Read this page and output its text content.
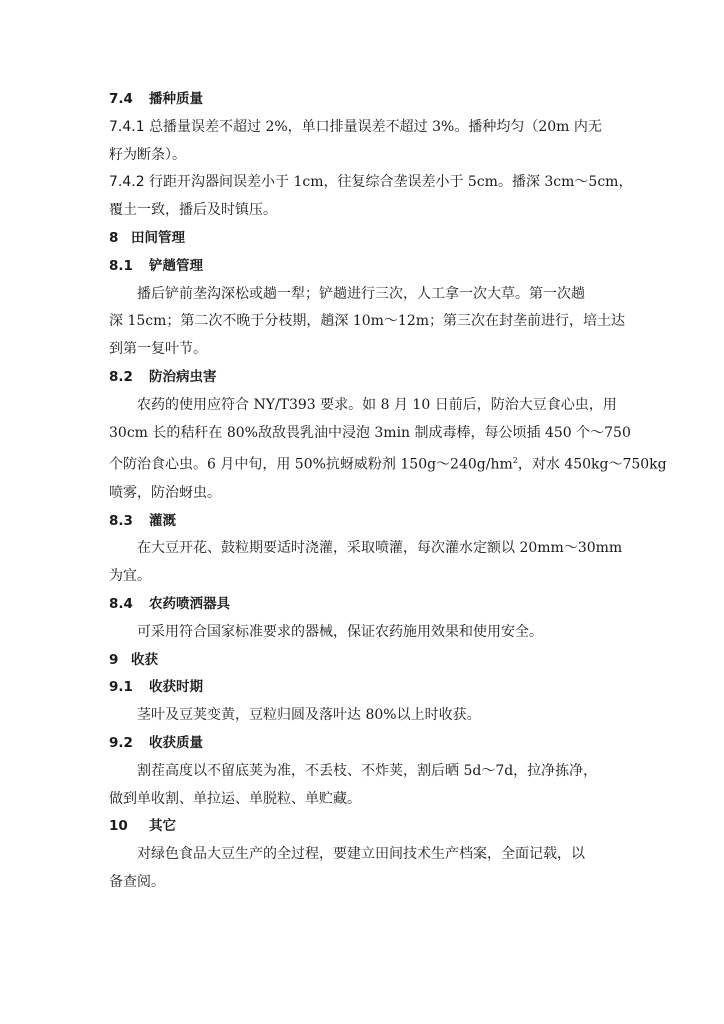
7.4 播种质量
7.4.1 总播量误差不超过 2%，单口排量误差不超过 3%。播种均匀（20m 内无
籽为断条）。
7.4.2 行距开沟器间误差小于 1cm，往复综合垄误差小于 5cm。播深 3cm～5cm，
覆土一致，播后及时镇压。
8 田间管理
8.1 铲趟管理
播后铲前垄沟深松或趟一犁；铲趟进行三次，人工拿一次大草。第一次趟
深 15cm；第二次不晚于分枝期，趟深 10m～12m；第三次在封垄前进行，培土达
到第一复叶节。
8.2 防治病虫害
农药的使用应符合 NY/T393 要求。如 8 月 10 日前后，防治大豆食心虫，用
30cm 长的秸秆在 80%敌敌畏乳油中浸泡 3min 制成毒棒，每公顷插 450 个～750
个防治食心虫。6 月中旬，用 50%抗蚜威粉剂 $150g\sim 240g/hm^2$，对水 450kg～750kg
喷雾，防治蚜虫。
8.3 灌溉
在大豆开花、鼓粒期要适时浇灌，采取喷灌，每次灌水定额以 20mm～30mm
为宜。
8.4 农药喷洒器具
可采用符合国家标准要求的器械，保证农药施用效果和使用安全。
9 收获
9.1 收获时期
茎叶及豆荚变黄，豆粒归圆及落叶达 80%以上时收获。
9.2 收获质量
割茬高度以不留底荚为准，不丢枝、不炸荚，割后晒 5d～7d，拉净拣净，
做到单收割、单拉运、单脱粒、单贮藏。
10 其它
对绿色食品大豆生产的全过程，要建立田间技术生产档案，全面记载，以
备查阅。
